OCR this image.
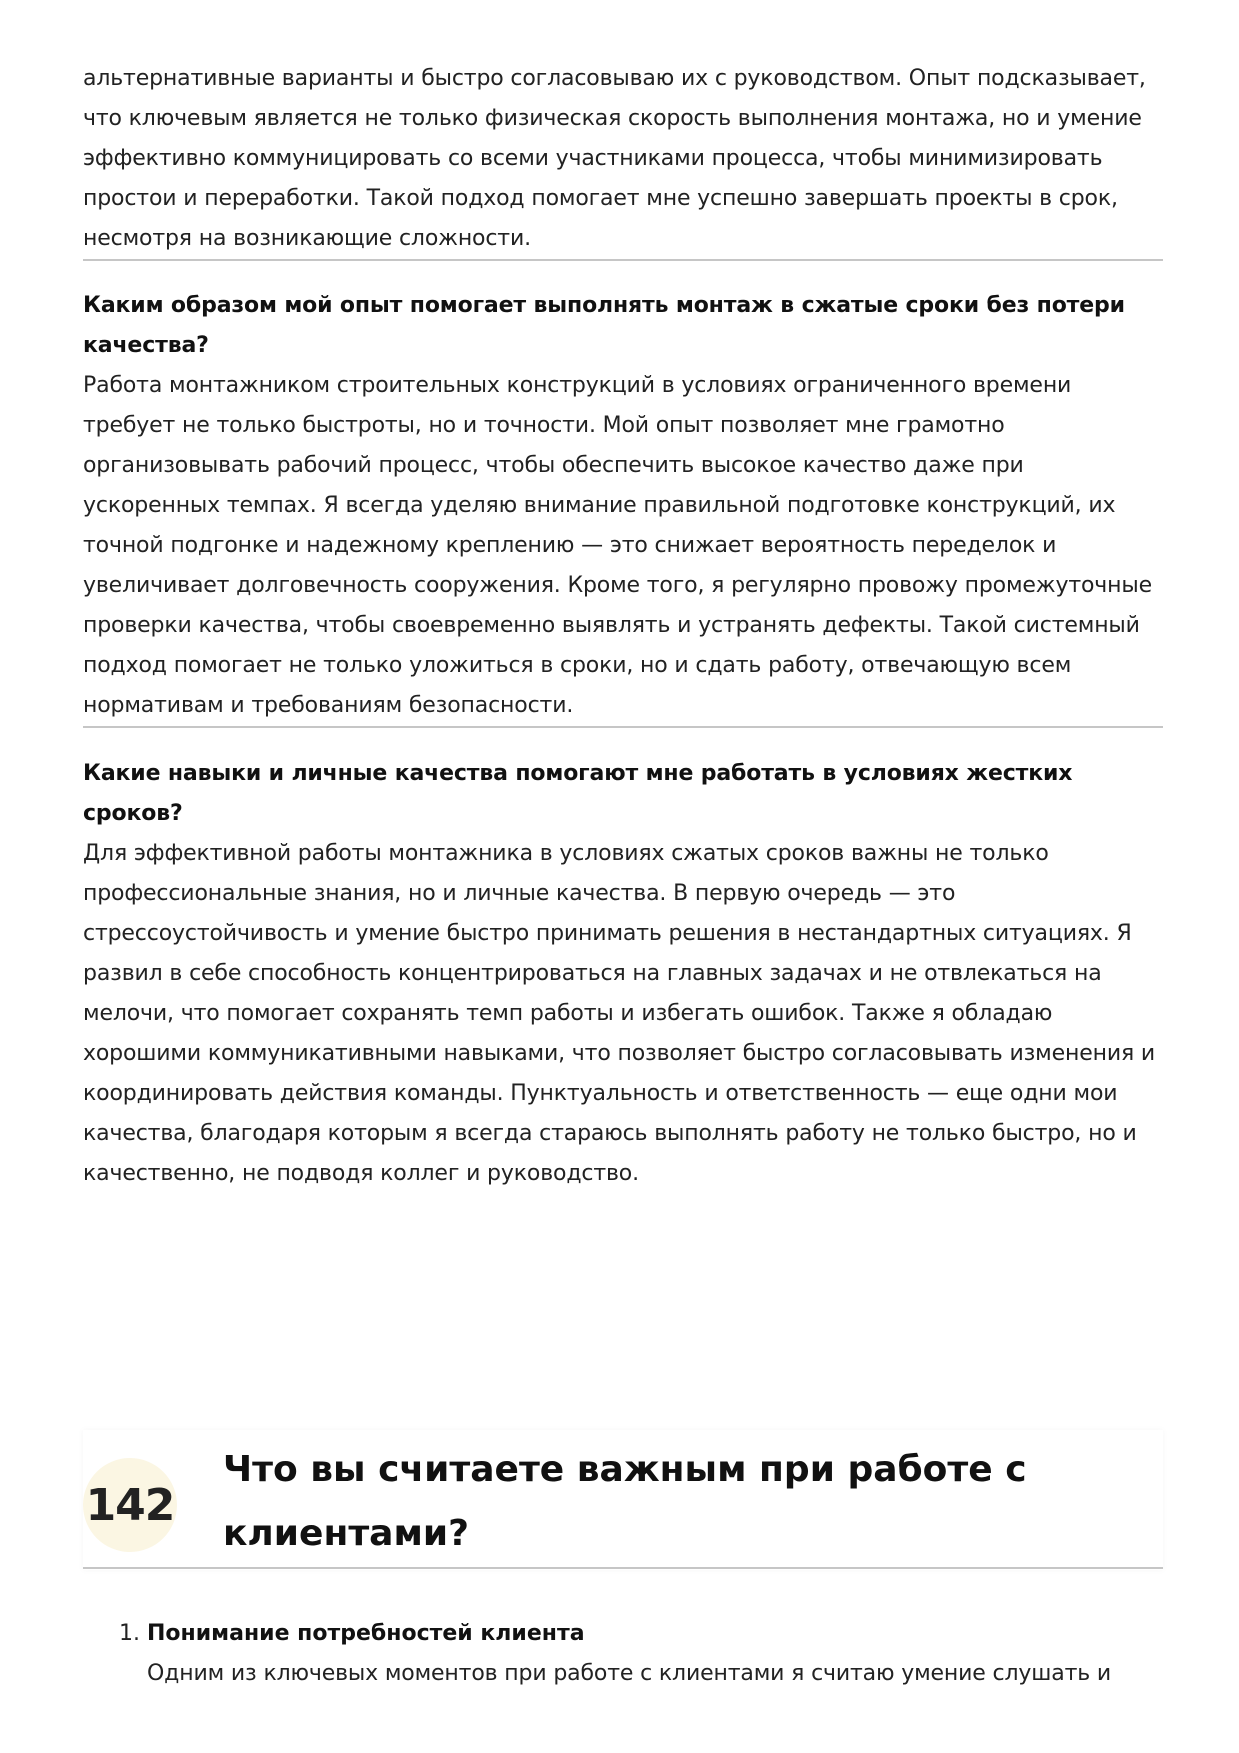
альтернативные варианты и быстро согласовываю их с руководством. Опыт подсказывает, что ключевым является не только физическая скорость выполнения монтажа, но и умение эффективно коммуницировать со всеми участниками процесса, чтобы минимизировать простои и переработки. Такой подход помогает мне успешно завершать проекты в срок, несмотря на возникающие сложности.

Каким образом мой опыт помогает выполнять монтаж в сжатые сроки без потери качества?

Работа монтажником строительных конструкций в условиях ограниченного времени требует не только быстроты, но и точности. Мой опыт позволяет мне грамотно организовывать рабочий процесс, чтобы обеспечить высокое качество даже при ускоренных темпах. Я всегда уделяю внимание правильной подготовке конструкций, их точной подгонке и надежному креплению — это снижает вероятность переделок и увеличивает долговечность сооружения. Кроме того, я регулярно провожу промежуточные проверки качества, чтобы своевременно выявлять и устранять дефекты. Такой системный подход помогает не только уложиться в сроки, но и сдать работу, отвечающую всем нормативам и требованиям безопасности.

Какие навыки и личные качества помогают мне работать в условиях жестких сроков?

Для эффективной работы монтажника в условиях сжатых сроков важны не только профессиональные знания, но и личные качества. В первую очередь — это стрессоустойчивость и умение быстро принимать решения в нестандартных ситуациях. Я развил в себе способность концентрироваться на главных задачах и не отвлекаться на мелочи, что помогает сохранять темп работы и избегать ошибок. Также я обладаю хорошими коммуникативными навыками, что позволяет быстро согласовывать изменения и координировать действия команды. Пунктуальность и ответственность — еще одни мои качества, благодаря которым я всегда стараюсь выполнять работу не только быстро, но и качественно, не подводя коллег и руководство.

142
Что вы считаете важным при работе с клиентами?
1. Понимание потребностей клиента

Одним из ключевых моментов при работе с клиентами я считаю умение слушать и
